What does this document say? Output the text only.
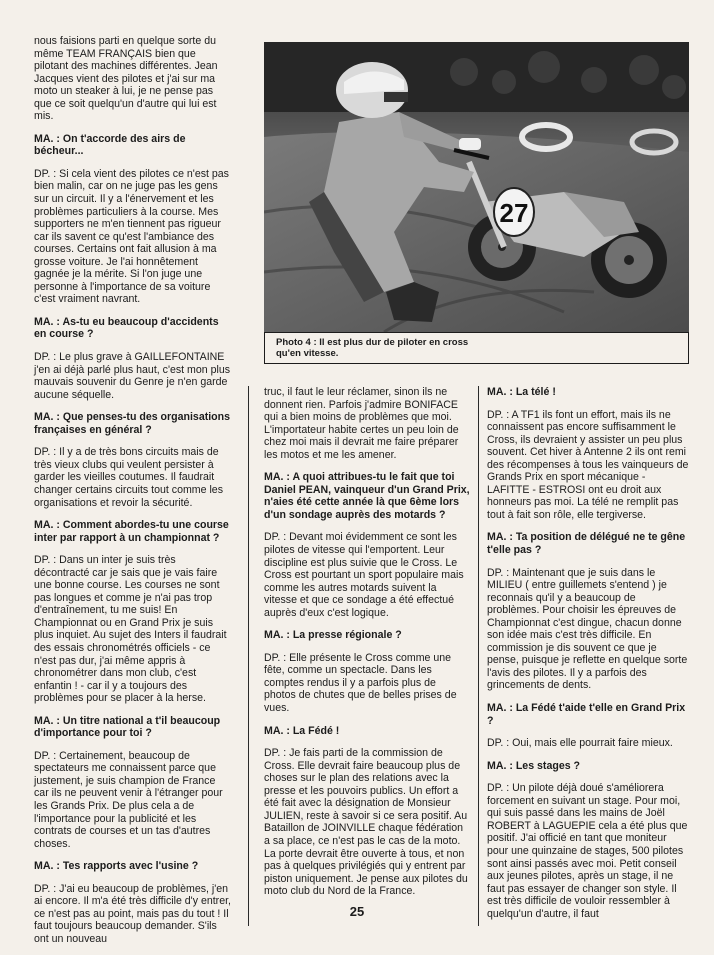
nous faisions parti en quelque sorte du même TEAM FRANÇAIS bien que pilotant des machines différentes. Jean Jacques vient des pilotes et j'ai sur ma moto un steaker à lui, je ne pense pas que ce soit quelqu'un d'autre qui lui est mis.

MA. : On t'accorde des airs de bécheur...

DP. : Si cela vient des pilotes ce n'est pas bien malin, car on ne juge pas les gens sur un circuit. Il y a l'énervement et les problèmes particuliers à la course. Mes supporters ne m'en tiennent pas rigueur car ils savent ce qu'est l'ambiance des courses. Certains ont fait allusion à ma grosse voiture. Je l'ai honnêtement gagnée je la mérite. Si l'on juge une personne à l'importance de sa voiture c'est vraiment navrant.

MA. : As-tu eu beaucoup d'accidents en course ?

DP. : Le plus grave à GAILLEFONTAINE j'en ai déjà parlé plus haut, c'est mon plus mauvais souvenir du Genre je n'en garde aucune séquelle.

MA. : Que penses-tu des organisations françaises en général ?

DP. : Il y a de très bons circuits mais de très vieux clubs qui veulent persister à garder les vieilles coutumes. Il faudrait changer certains circuits tout comme les organisations et revoir la sécurité.

MA. : Comment abordes-tu une course inter par rapport à un championnat ?

DP. : Dans un inter je suis très décontracté car je sais que je vais faire une bonne course. Les courses ne sont pas longues et comme je n'ai pas trop d'entraînement, tu me suis! En Championnat ou en Grand Prix je suis plus inquiet. Au sujet des Inters il faudrait des essais chronométrés officiels - ce n'est pas dur, j'ai même appris à chronométrer dans mon club, c'est enfantin ! - car il y a toujours des problèmes pour se placer à la herse.

MA. : Un titre national a t'il beaucoup d'importance pour toi ?

DP. : Certainement, beaucoup de spectateurs me connaissent parce que justement, je suis champion de France car ils ne peuvent venir à l'étranger pour les Grands Prix. De plus cela a de l'importance pour la publicité et les contrats de courses et un tas d'autres choses.

MA. : Tes rapports avec l'usine ?

DP. : J'ai eu beaucoup de problèmes, j'en ai encore. Il m'a été très difficile d'y entrer, ce n'est pas au point, mais pas du tout ! Il faut toujours beaucoup demander. S'ils ont un nouveau

27
Photo 4 : Il est plus dur de piloter en cross qu'en vitesse.

truc, il faut le leur réclamer, sinon ils ne donnent rien. Parfois j'admire BONIFACE qui a bien moins de problèmes que moi. L'importateur habite certes un peu loin de chez moi mais il devrait me faire préparer les motos et me les amener.

MA. : A quoi attribues-tu le fait que toi Daniel PEAN, vainqueur d'un Grand Prix, n'aies été cette année là que 6ème lors d'un sondage auprès des motards ?

DP. : Devant moi évidemment ce sont les pilotes de vitesse qui l'emportent. Leur discipline est plus suivie que le Cross. Le Cross est pourtant un sport populaire mais comme les autres motards suivent la vitesse et que ce sondage a été effectué auprès d'eux c'est logique.

MA. : La presse régionale ?

DP. : Elle présente le Cross comme une fête, comme un spectacle. Dans les comptes rendus il y a parfois plus de photos de chutes que de belles prises de vues.

MA. : La Fédé !

DP. : Je fais parti de la commission de Cross. Elle devrait faire beaucoup plus de choses sur le plan des relations avec la presse et les pouvoirs publics. Un effort a été fait avec la désignation de Monsieur JULIEN, reste à savoir si ce sera positif. Au Bataillon de JOINVILLE chaque fédération a sa place, ce n'est pas le cas de la moto. La porte devrait être ouverte à tous, et non pas à quelques privilégiés qui y entrent par piston uniquement. Je pense aux pilotes du moto club du Nord de la France.

MA. : La télé !

DP. : A TF1 ils font un effort, mais ils ne connaissent pas encore suffisamment le Cross, ils devraient y assister un peu plus souvent. Cet hiver à Antenne 2 ils ont remi des récompenses à tous les vainqueurs de Grands Prix en sport mécanique - LAFITTE - ESTROSI ont eu droit aux honneurs pas moi. La télé ne remplit pas tout à fait son rôle, elle tergiverse.

MA. : Ta position de délégué ne te gêne t'elle pas ?

DP. : Maintenant que je suis dans le MILIEU ( entre guillemets s'entend ) je reconnais qu'il y a beaucoup de problèmes. Pour choisir les épreuves de Championnat c'est dingue, chacun donne son idée mais c'est très difficile. En commission je dis souvent ce que je pense, puisque je reflette en quelque sorte l'avis des pilotes. Il y a parfois des grincements de dents.

MA. : La Fédé t'aide t'elle en Grand Prix ?

DP. : Oui, mais elle pourrait faire mieux.

MA. : Les stages ?

DP. : Un pilote déjà doué s'améliorera forcement en suivant un stage. Pour moi, qui suis passé dans les mains de Joël ROBERT à LAGUEPIE cela a été plus que positif. J'ai officié en tant que moniteur pour une quinzaine de stages, 500 pilotes sont ainsi passés avec moi. Petit conseil aux jeunes pilotes, après un stage, il ne faut pas essayer de changer son style. Il est très difficile de vouloir ressembler à quelqu'un d'autre, il faut

25
